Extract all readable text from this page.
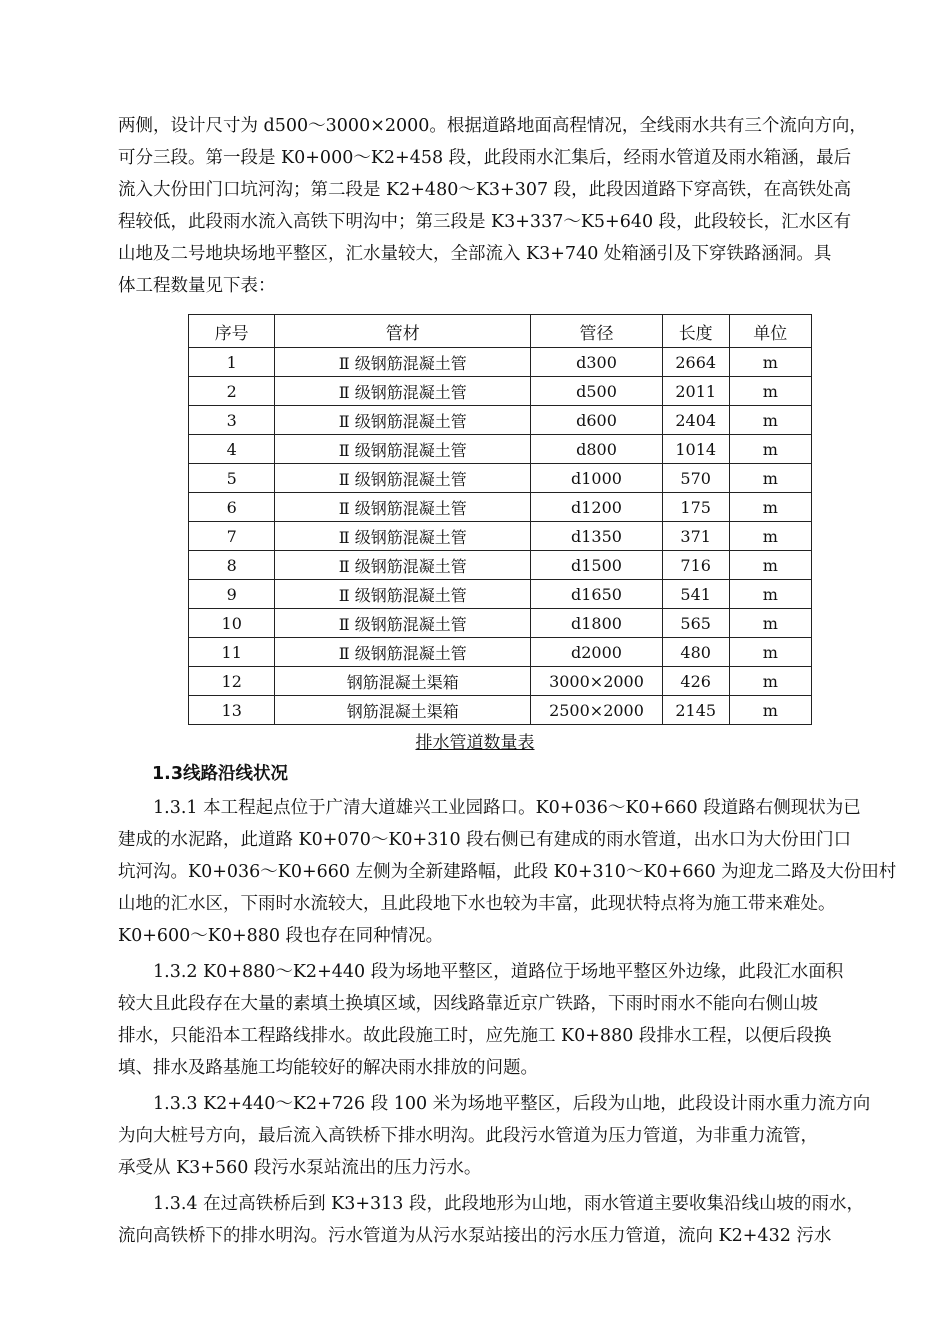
两侧，设计尺寸为 d500～3000×2000。根据道路地面高程情况，全线雨水共有三个流向方向，
可分三段。第一段是 K0+000～K2+458 段，此段雨水汇集后，经雨水管道及雨水箱涵，最后
流入大份田门口坑河沟；第二段是 K2+480～K3+307 段，此段因道路下穿高铁，在高铁处高
程较低，此段雨水流入高铁下明沟中；第三段是 K3+337～K5+640 段，此段较长，汇水区有
山地及二号地块场地平整区，汇水量较大，全部流入 K3+740 处箱涵引及下穿铁路涵洞。具
体工程数量见下表：
序号	管材	管径	长度	单位
1	Ⅱ 级钢筋混凝土管	d300	2664	m
2	Ⅱ 级钢筋混凝土管	d500	2011	m
3	Ⅱ 级钢筋混凝土管	d600	2404	m
4	Ⅱ 级钢筋混凝土管	d800	1014	m
5	Ⅱ 级钢筋混凝土管	d1000	570	m
6	Ⅱ 级钢筋混凝土管	d1200	175	m
7	Ⅱ 级钢筋混凝土管	d1350	371	m
8	Ⅱ 级钢筋混凝土管	d1500	716	m
9	Ⅱ 级钢筋混凝土管	d1650	541	m
10	Ⅱ 级钢筋混凝土管	d1800	565	m
11	Ⅱ 级钢筋混凝土管	d2000	480	m
12	钢筋混凝土渠箱	3000×2000	426	m
13	钢筋混凝土渠箱	2500×2000	2145	m
排水管道数量表
1.3线路沿线状况
1.3.1 本工程起点位于广清大道雄兴工业园路口。K0+036～K0+660 段道路右侧现状为已
建成的水泥路，此道路 K0+070～K0+310 段右侧已有建成的雨水管道，出水口为大份田门口
坑河沟。K0+036～K0+660 左侧为全新建路幅，此段 K0+310～K0+660 为迎龙二路及大份田村
山地的汇水区，下雨时水流较大，且此段地下水也较为丰富，此现状特点将为施工带来难处。
K0+600～K0+880 段也存在同种情况。
1.3.2 K0+880～K2+440 段为场地平整区，道路位于场地平整区外边缘，此段汇水面积
较大且此段存在大量的素填土换填区域，因线路靠近京广铁路，下雨时雨水不能向右侧山坡
排水，只能沿本工程路线排水。故此段施工时，应先施工 K0+880 段排水工程，以便后段换
填、排水及路基施工均能较好的解决雨水排放的问题。
1.3.3 K2+440～K2+726 段 100 米为场地平整区，后段为山地，此段设计雨水重力流方向
为向大桩号方向，最后流入高铁桥下排水明沟。此段污水管道为压力管道，为非重力流管，
承受从 K3+560 段污水泵站流出的压力污水。
1.3.4 在过高铁桥后到 K3+313 段，此段地形为山地，雨水管道主要收集沿线山坡的雨水，
流向高铁桥下的排水明沟。污水管道为从污水泵站接出的污水压力管道，流向 K2+432 污水
